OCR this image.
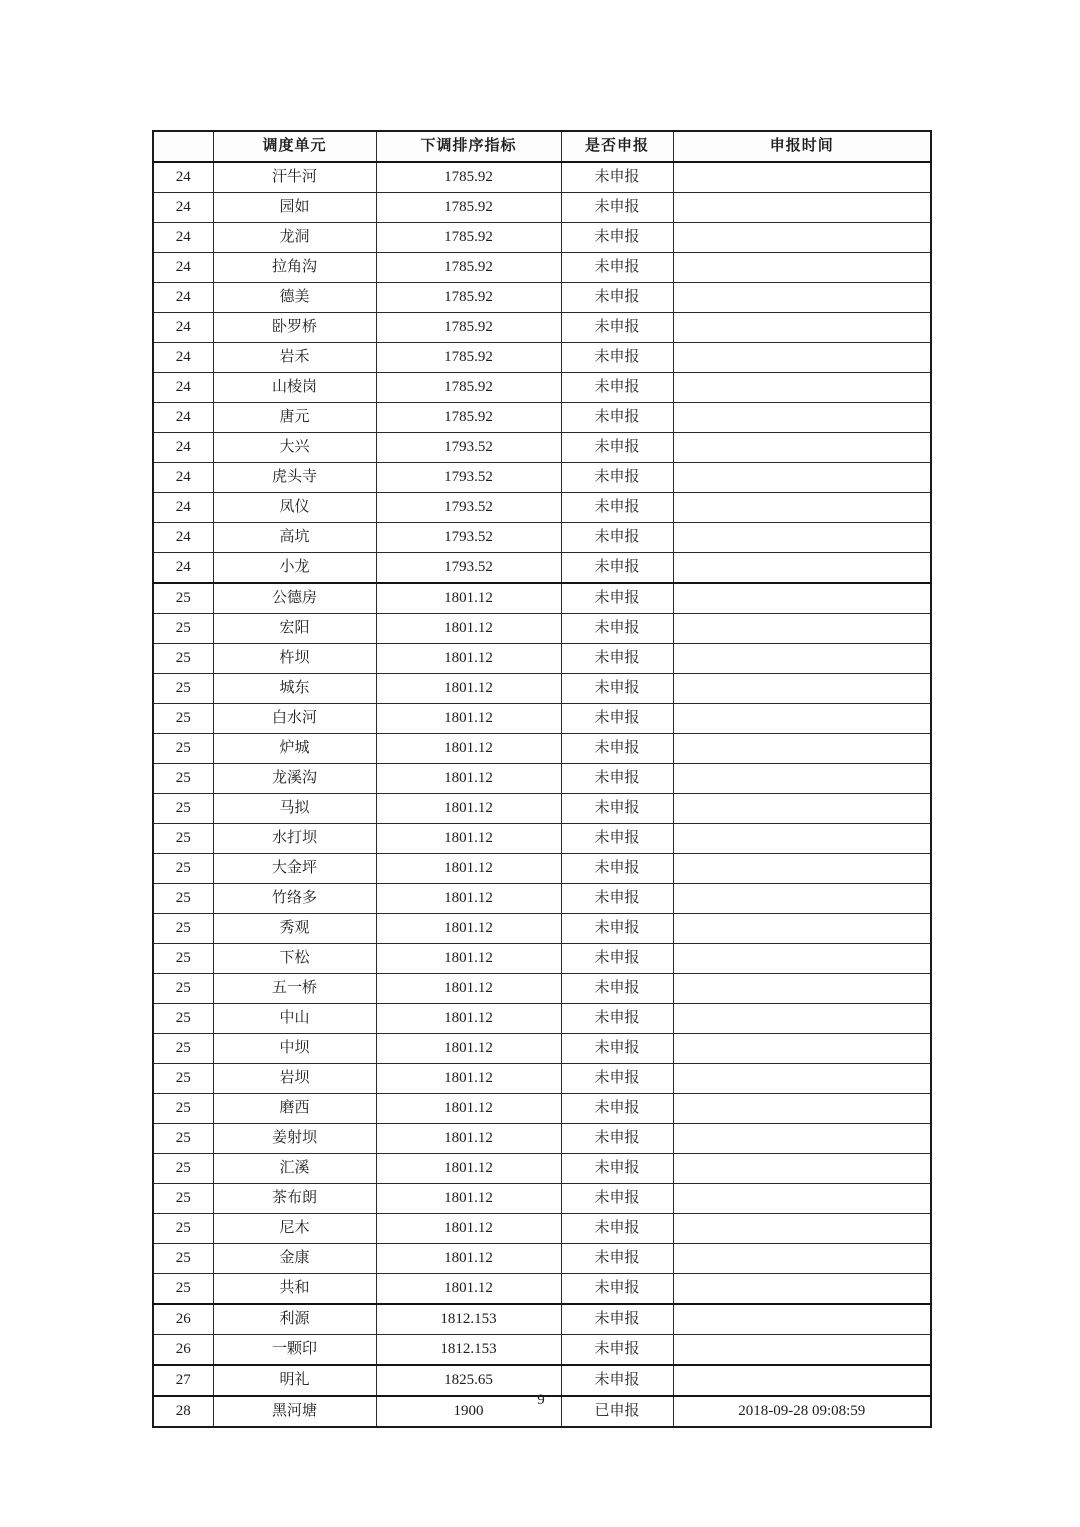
	调度单元	下调排序指标	是否申报	申报时间
24	汗牛河	1785.92	未申报	
24	园如	1785.92	未申报	
24	龙洞	1785.92	未申报	
24	拉角沟	1785.92	未申报	
24	德美	1785.92	未申报	
24	卧罗桥	1785.92	未申报	
24	岩禾	1785.92	未申报	
24	山棱岗	1785.92	未申报	
24	唐元	1785.92	未申报	
24	大兴	1793.52	未申报	
24	虎头寺	1793.52	未申报	
24	凤仪	1793.52	未申报	
24	高坑	1793.52	未申报	
24	小龙	1793.52	未申报	
25	公德房	1801.12	未申报	
25	宏阳	1801.12	未申报	
25	杵坝	1801.12	未申报	
25	城东	1801.12	未申报	
25	白水河	1801.12	未申报	
25	炉城	1801.12	未申报	
25	龙溪沟	1801.12	未申报	
25	马拟	1801.12	未申报	
25	水打坝	1801.12	未申报	
25	大金坪	1801.12	未申报	
25	竹络多	1801.12	未申报	
25	秀观	1801.12	未申报	
25	下松	1801.12	未申报	
25	五一桥	1801.12	未申报	
25	中山	1801.12	未申报	
25	中坝	1801.12	未申报	
25	岩坝	1801.12	未申报	
25	磨西	1801.12	未申报	
25	姜射坝	1801.12	未申报	
25	汇溪	1801.12	未申报	
25	茶布朗	1801.12	未申报	
25	尼木	1801.12	未申报	
25	金康	1801.12	未申报	
25	共和	1801.12	未申报	
26	利源	1812.153	未申报	
26	一颗印	1812.153	未申报	
27	明礼	1825.65	未申报	
28	黑河塘	1900	已申报	2018-09-28 09:08:59
9
